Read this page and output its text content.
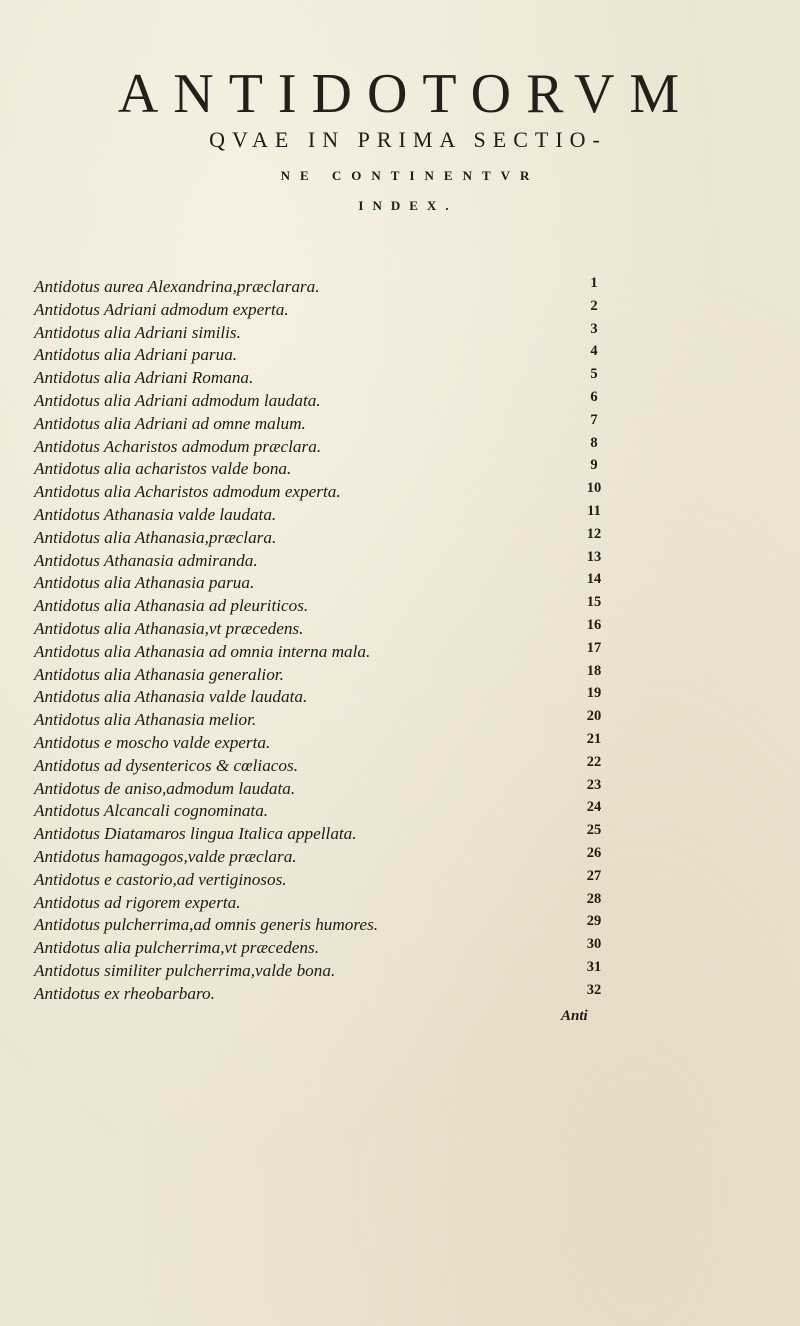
ANTIDOTORVM
QVAE IN PRIMA SECTIO-
NE CONTINENTVR
INDEX.
Antidotus aurea Alexandrina,præclarara.	1
Antidotus Adriani admodum experta.	2
Antidotus alia Adriani similis.	3
Antidotus alia Adriani parua.	4
Antidotus alia Adriani Romana.	5
Antidotus alia Adriani admodum laudata.	6
Antidotus alia Adriani ad omne malum.	7
Antidotus Acharistos admodum præclara.	8
Antidotus alia acharistos valde bona.	9
Antidotus alia Acharistos admodum experta.	10
Antidotus Athanasia valde laudata.	11
Antidotus alia Athanasia,præclara.	12
Antidotus Athanasia admiranda.	13
Antidotus alia Athanasia parua.	14
Antidotus alia Athanasia ad pleuriticos.	15
Antidotus alia Athanasia,vt præcedens.	16
Antidotus alia Athanasia ad omnia interna mala.	17
Antidotus alia Athanasia generalior.	18
Antidotus alia Athanasia valde laudata.	19
Antidotus alia Athanasia melior.	20
Antidotus e moscho valde experta.	21
Antidotus ad dysentericos & cœliacos.	22
Antidotus de aniso,admodum laudata.	23
Antidotus Alcancali cognominata.	24
Antidotus Diatamaros lingua Italica appellata.	25
Antidotus hamagogos,valde præclara.	26
Antidotus e castorio,ad vertiginosos.	27
Antidotus ad rigorem experta.	28
Antidotus pulcherrima,ad omnis generis humores.	29
Antidotus alia pulcherrima,vt præcedens.	30
Antidotus similiter pulcherrima,valde bona.	31
Antidotus ex rheobarbaro.	32
Anti
